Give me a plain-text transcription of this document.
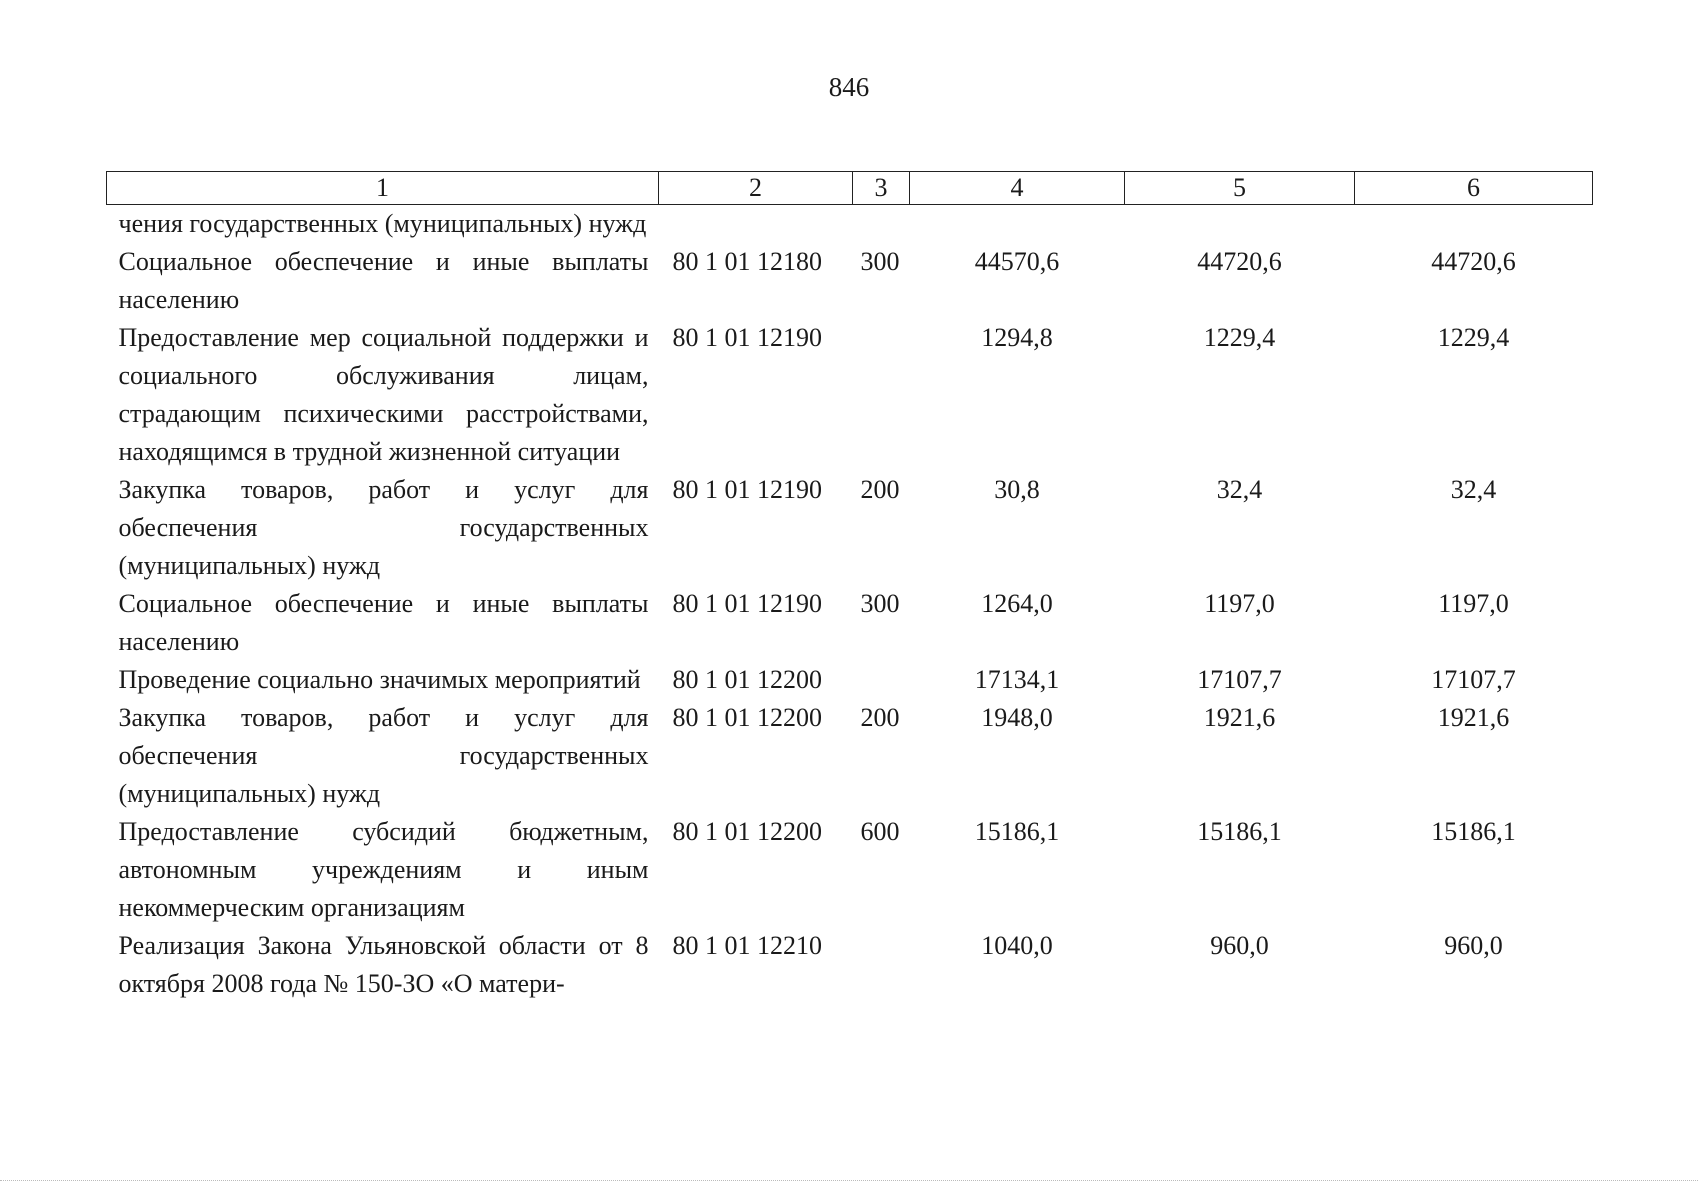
846
1	2	3	4	5	6
чения государственных (муниципальных) нужд					
Социальное обеспечение и иные выплаты населению	80 1 01 12180	300	44570,6	44720,6	44720,6
Предоставление мер социальной поддержки и социального обслуживания лицам, страдающим психическими расстройствами, находящимся в трудной жизненной ситуации	80 1 01 12190		1294,8	1229,4	1229,4
Закупка товаров, работ и услуг для обеспечения государственных (муниципальных) нужд	80 1 01 12190	200	30,8	32,4	32,4
Социальное обеспечение и иные выплаты населению	80 1 01 12190	300	1264,0	1197,0	1197,0
Проведение социально значимых мероприятий	80 1 01 12200		17134,1	17107,7	17107,7
Закупка товаров, работ и услуг для обеспечения государственных (муниципальных) нужд	80 1 01 12200	200	1948,0	1921,6	1921,6
Предоставление субсидий бюджетным, автономным учреждениям и иным некоммерческим организациям	80 1 01 12200	600	15186,1	15186,1	15186,1
Реализация Закона Ульяновской области от 8 октября 2008 года № 150-ЗО «О матери-	80 1 01 12210		1040,0	960,0	960,0
